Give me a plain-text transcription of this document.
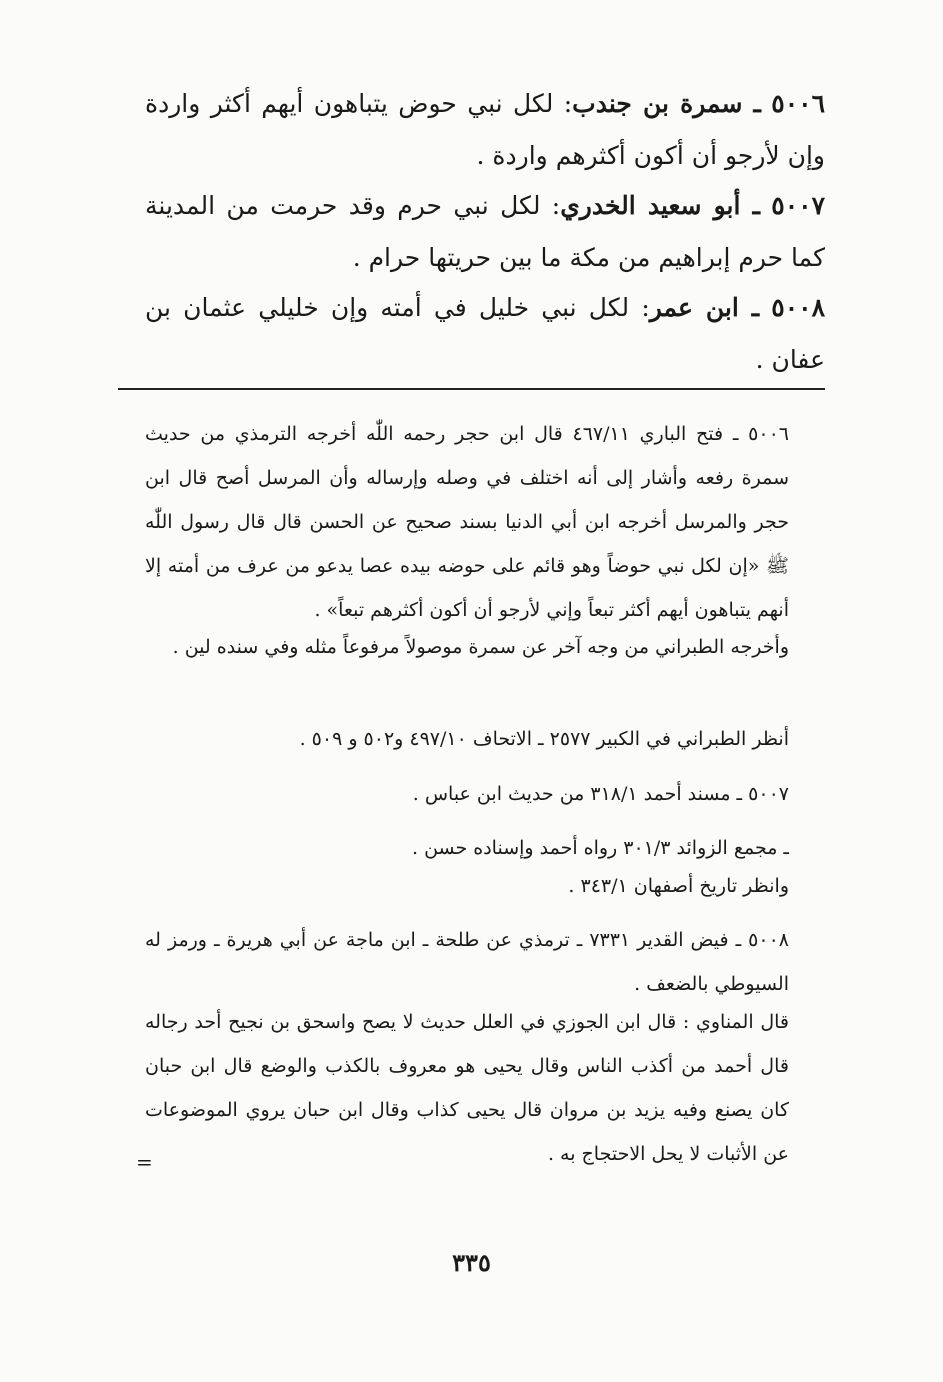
٥٠٠٦ ـ سمرة بن جندب: لكل نبي حوض يتباهون أيهم أكثر واردة وإن لأرجو أن أكون أكثرهم واردة .

٥٠٠٧ ـ أبو سعيد الخدري: لكل نبي حرم وقد حرمت من المدينة كما حرم إبراهيم من مكة ما بين حريتها حرام .

٥٠٠٨ ـ ابن عمر: لكل نبي خليل في أمته وإن خليلي عثمان بن عفان .

٥٠٠٦ ـ فتح الباري ٤٦٧/١١ قال ابن حجر رحمه اللّٰه أخرجه الترمذي من حديث سمرة رفعه وأشار إلى أنه اختلف في وصله وإرساله وأن المرسل أصح قال ابن حجر والمرسل أخرجه ابن أبي الدنيا بسند صحيح عن الحسن قال قال رسول اللّٰه ﷺ «إن لكل نبي حوضاً وهو قائم على حوضه بيده عصا يدعو من عرف من أمته إلا أنهم يتباهون أيهم أكثر تبعاً وإني لأرجو أن أكون أكثرهم تبعاً» .

وأخرجه الطبراني من وجه آخر عن سمرة موصولاً مرفوعاً مثله وفي سنده لين .

أنظر الطبراني في الكبير ٢٥٧٧ ـ الاتحاف ٤٩٧/١٠ و٥٠٢ و ٥٠٩ .

٥٠٠٧ ـ مسند أحمد ٣١٨/١ من حديث ابن عباس .

ـ مجمع الزوائد ٣٠١/٣ رواه أحمد وإسناده حسن .

وانظر تاريخ أصفهان ٣٤٣/١ .

٥٠٠٨ ـ فيض القدير ٧٣٣١ ـ ترمذي عن طلحة ـ ابن ماجة عن أبي هريرة ـ ورمز له السيوطي بالضعف .

قال المناوي : قال ابن الجوزي في العلل حديث لا يصح واسحق بن نجيح أحد رجاله قال أحمد من أكذب الناس وقال يحيى هو معروف بالكذب والوضع قال ابن حبان كان يصنع وفيه يزيد بن مروان قال يحيى كذاب وقال ابن حبان يروي الموضوعات عن الأثبات لا يحل الاحتجاج به .

=
٣٣٥
